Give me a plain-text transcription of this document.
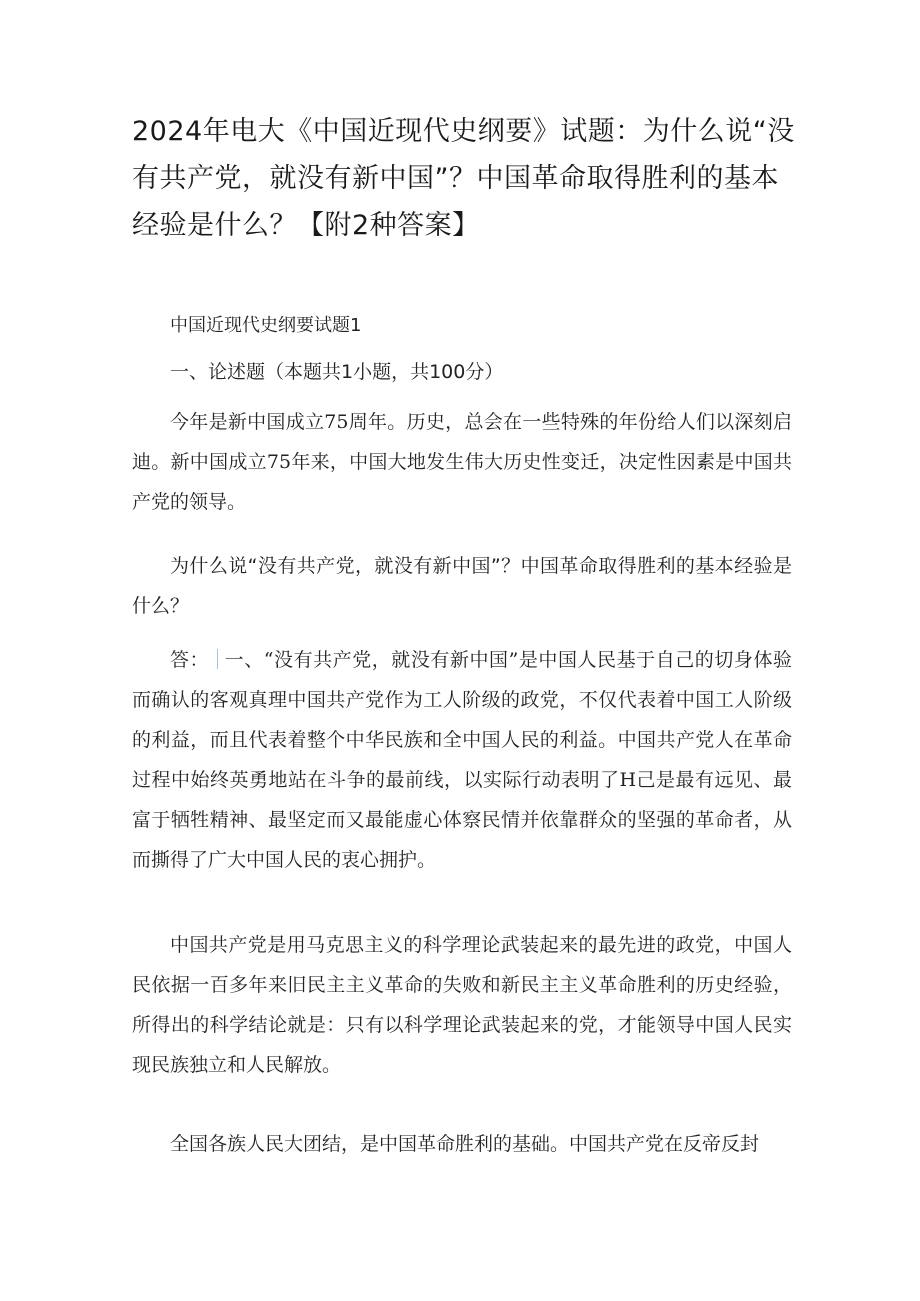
2024年电大《中国近现代史纲要》试题：为什么说“没有共产党，就没有新中国”？中国革命取得胜利的基本经验是什么？【附2种答案】

中国近现代史纲要试题1

一、论述题（本题共1小题，共100分）

今年是新中国成立75周年。历史，总会在一些特殊的年份给人们以深刻启迪。新中国成立75年来，中国大地发生伟大历史性变迁，决定性因素是中国共产党的领导。

为什么说“没有共产党，就没有新中国”？中国革命取得胜利的基本经验是什么？

答： 一、“没有共产党，就没有新中国”是中国人民基于自己的切身体验而确认的客观真理中国共产党作为工人阶级的政党，不仅代表着中国工人阶级的利益，而且代表着整个中华民族和全中国人民的利益。中国共产党人在革命过程中始终英勇地站在斗争的最前线，以实际行动表明了H己是最有远见、最富于牺牲精神、最坚定而又最能虚心体察民情并依靠群众的坚强的革命者，从而撕得了广大中国人民的衷心拥护。

中国共产党是用马克思主义的科学理论武装起来的最先进的政党，中国人民依据一百多年来旧民主主义革命的失败和新民主主义革命胜利的历史经验，所得出的科学结论就是：只有以科学理论武装起来的党，才能领导中国人民实现民族独立和人民解放。

全国各族人民大团结，是中国革命胜利的基础。中国共产党在反帝反封
